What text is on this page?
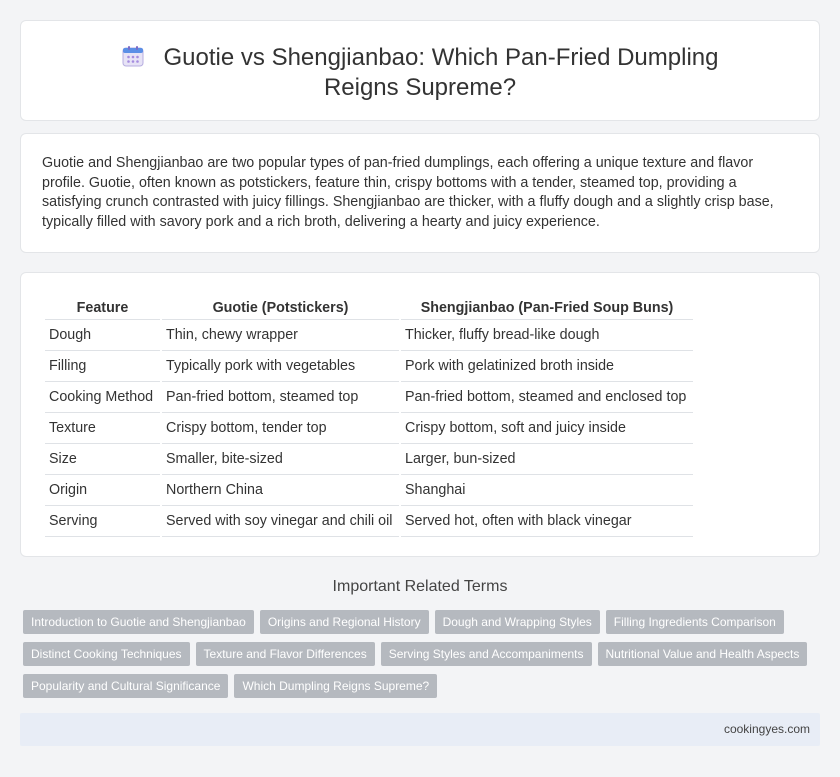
Guotie vs Shengjianbao: Which Pan-Fried Dumpling Reigns Supreme?

Guotie and Shengjianbao are two popular types of pan-fried dumplings, each offering a unique texture and flavor profile. Guotie, often known as potstickers, feature thin, crispy bottoms with a tender, steamed top, providing a satisfying crunch contrasted with juicy fillings. Shengjianbao are thicker, with a fluffy dough and a slightly crisp base, typically filled with savory pork and a rich broth, delivering a hearty and juicy experience.

Feature	Guotie (Potstickers)	Shengjianbao (Pan-Fried Soup Buns)
Dough	Thin, chewy wrapper	Thicker, fluffy bread-like dough
Filling	Typically pork with vegetables	Pork with gelatinized broth inside
Cooking Method	Pan-fried bottom, steamed top	Pan-fried bottom, steamed and enclosed top
Texture	Crispy bottom, tender top	Crispy bottom, soft and juicy inside
Size	Smaller, bite-sized	Larger, bun-sized
Origin	Northern China	Shanghai
Serving	Served with soy vinegar and chili oil	Served hot, often with black vinegar
Important Related Terms
Introduction to Guotie and Shengjianbao Origins and Regional History Dough and Wrapping Styles Filling Ingredients Comparison
Distinct Cooking Techniques Texture and Flavor Differences Serving Styles and Accompaniments Nutritional Value and Health Aspects
Popularity and Cultural Significance Which Dumpling Reigns Supreme?
cookingyes.com
